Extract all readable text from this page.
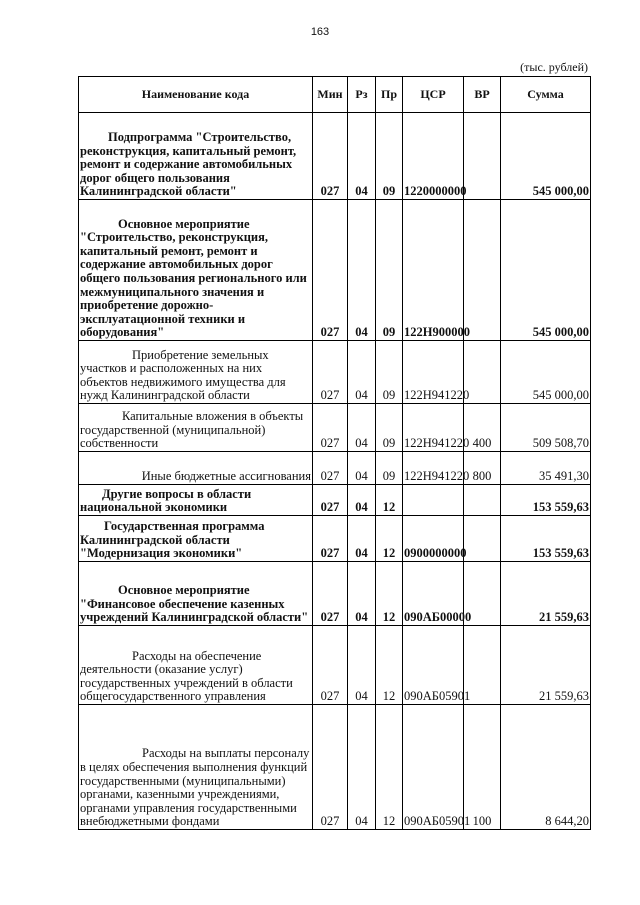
163
(тыс. рублей)
Наименование кода	Мин	Рз	Пр	ЦСР	ВР	Сумма
Подпрограмма "Строительство, реконструкция, капитальный ремонт, ремонт и содержание автомобильных дорог общего пользования Калининградской области"	027	04	09	1220000000		545 000,00
Основное мероприятие "Строительство, реконструкция, капитальный ремонт, ремонт и содержание автомобильных дорог общего пользования регионального или межмуниципального значения и приобретение дорожно-эксплуатационной техники и оборудования"	027	04	09	122H900000		545 000,00
Приобретение земельных участков и расположенных на них объектов недвижимого имущества для нужд Калининградской области	027	04	09	122H941220		545 000,00
Капитальные вложения в объекты государственной (муниципальной) собственности	027	04	09	122H941220	400	509 508,70
Иные бюджетные ассигнования	027	04	09	122H941220	800	35 491,30
Другие вопросы в области национальной экономики	027	04	12			153 559,63
Государственная программа Калининградской области "Модернизация экономики"	027	04	12	0900000000		153 559,63
Основное мероприятие "Финансовое обеспечение казенных учреждений Калининградской области"	027	04	12	090АБ00000		21 559,63
Расходы на обеспечение деятельности (оказание услуг) государственных учреждений в области общегосударственного управления	027	04	12	090АБ05901		21 559,63
Расходы на выплаты персоналу в целях обеспечения выполнения функций государственными (муниципальными) органами, казенными учреждениями, органами управления государственными внебюджетными фондами	027	04	12	090АБ05901	100	8 644,20
